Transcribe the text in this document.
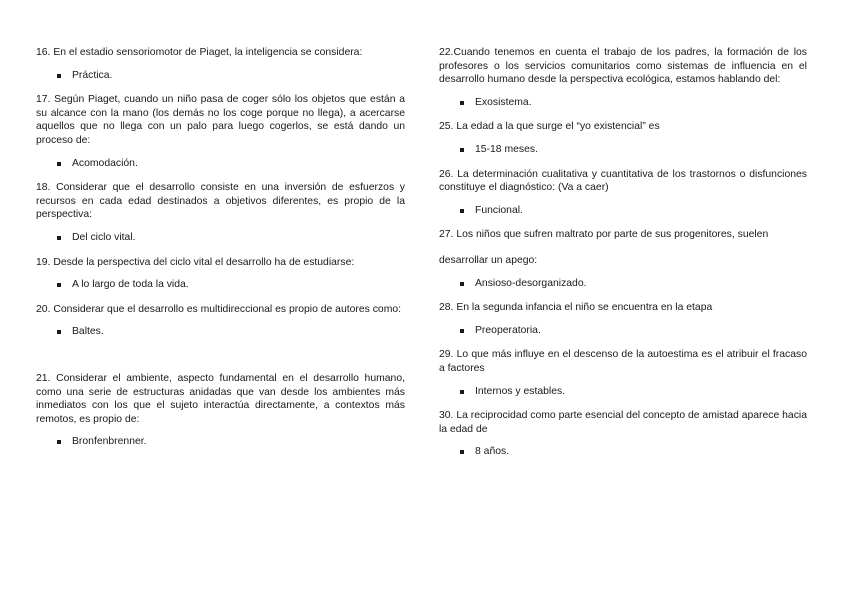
16. En el estadio sensoriomotor de Piaget, la inteligencia se considera:

Práctica.

17. Según Piaget, cuando un niño pasa de coger sólo los objetos que están a su alcance con la mano (los demás no los coge porque no llega), a acercarse aquellos que no llega con un palo para luego cogerlos, se está dando un proceso de:

Acomodación.

18. Considerar que el desarrollo consiste en una inversión de esfuerzos y recursos en cada edad destinados a objetivos diferentes, es propio de la perspectiva:

Del ciclo vital.

19. Desde la perspectiva del ciclo vital el desarrollo ha de estudiarse:

A lo largo de toda la vida.

20. Considerar que el desarrollo es multidireccional es propio de autores como:

Baltes.

21. Considerar el ambiente, aspecto fundamental en el desarrollo humano, como una serie de estructuras anidadas que van desde los ambientes más inmediatos con los que el sujeto interactúa directamente, a contextos más remotos, es propio de:

Bronfenbrenner.

22.Cuando tenemos en cuenta el trabajo de los padres, la formación de los profesores o los servicios comunitarios como sistemas de influencia en el desarrollo humano desde la perspectiva ecológica, estamos hablando del:

Exosistema.

25. La edad a la que surge el “yo existencial” es

15-18 meses.

26. La determinación cualitativa y cuantitativa de los trastornos o disfunciones constituye el diagnóstico: (Va a caer)

Funcional.

27. Los niños que sufren maltrato por parte de sus progenitores, suelen

desarrollar un apego:

Ansioso-desorganizado.

28. En la segunda infancia el niño se encuentra en la etapa

Preoperatoria.

29. Lo que más influye en el descenso de la autoestima es el atribuir el fracaso a factores

Internos y estables.

30. La reciprocidad como parte esencial del concepto de amistad aparece hacia la edad de

8 años.
